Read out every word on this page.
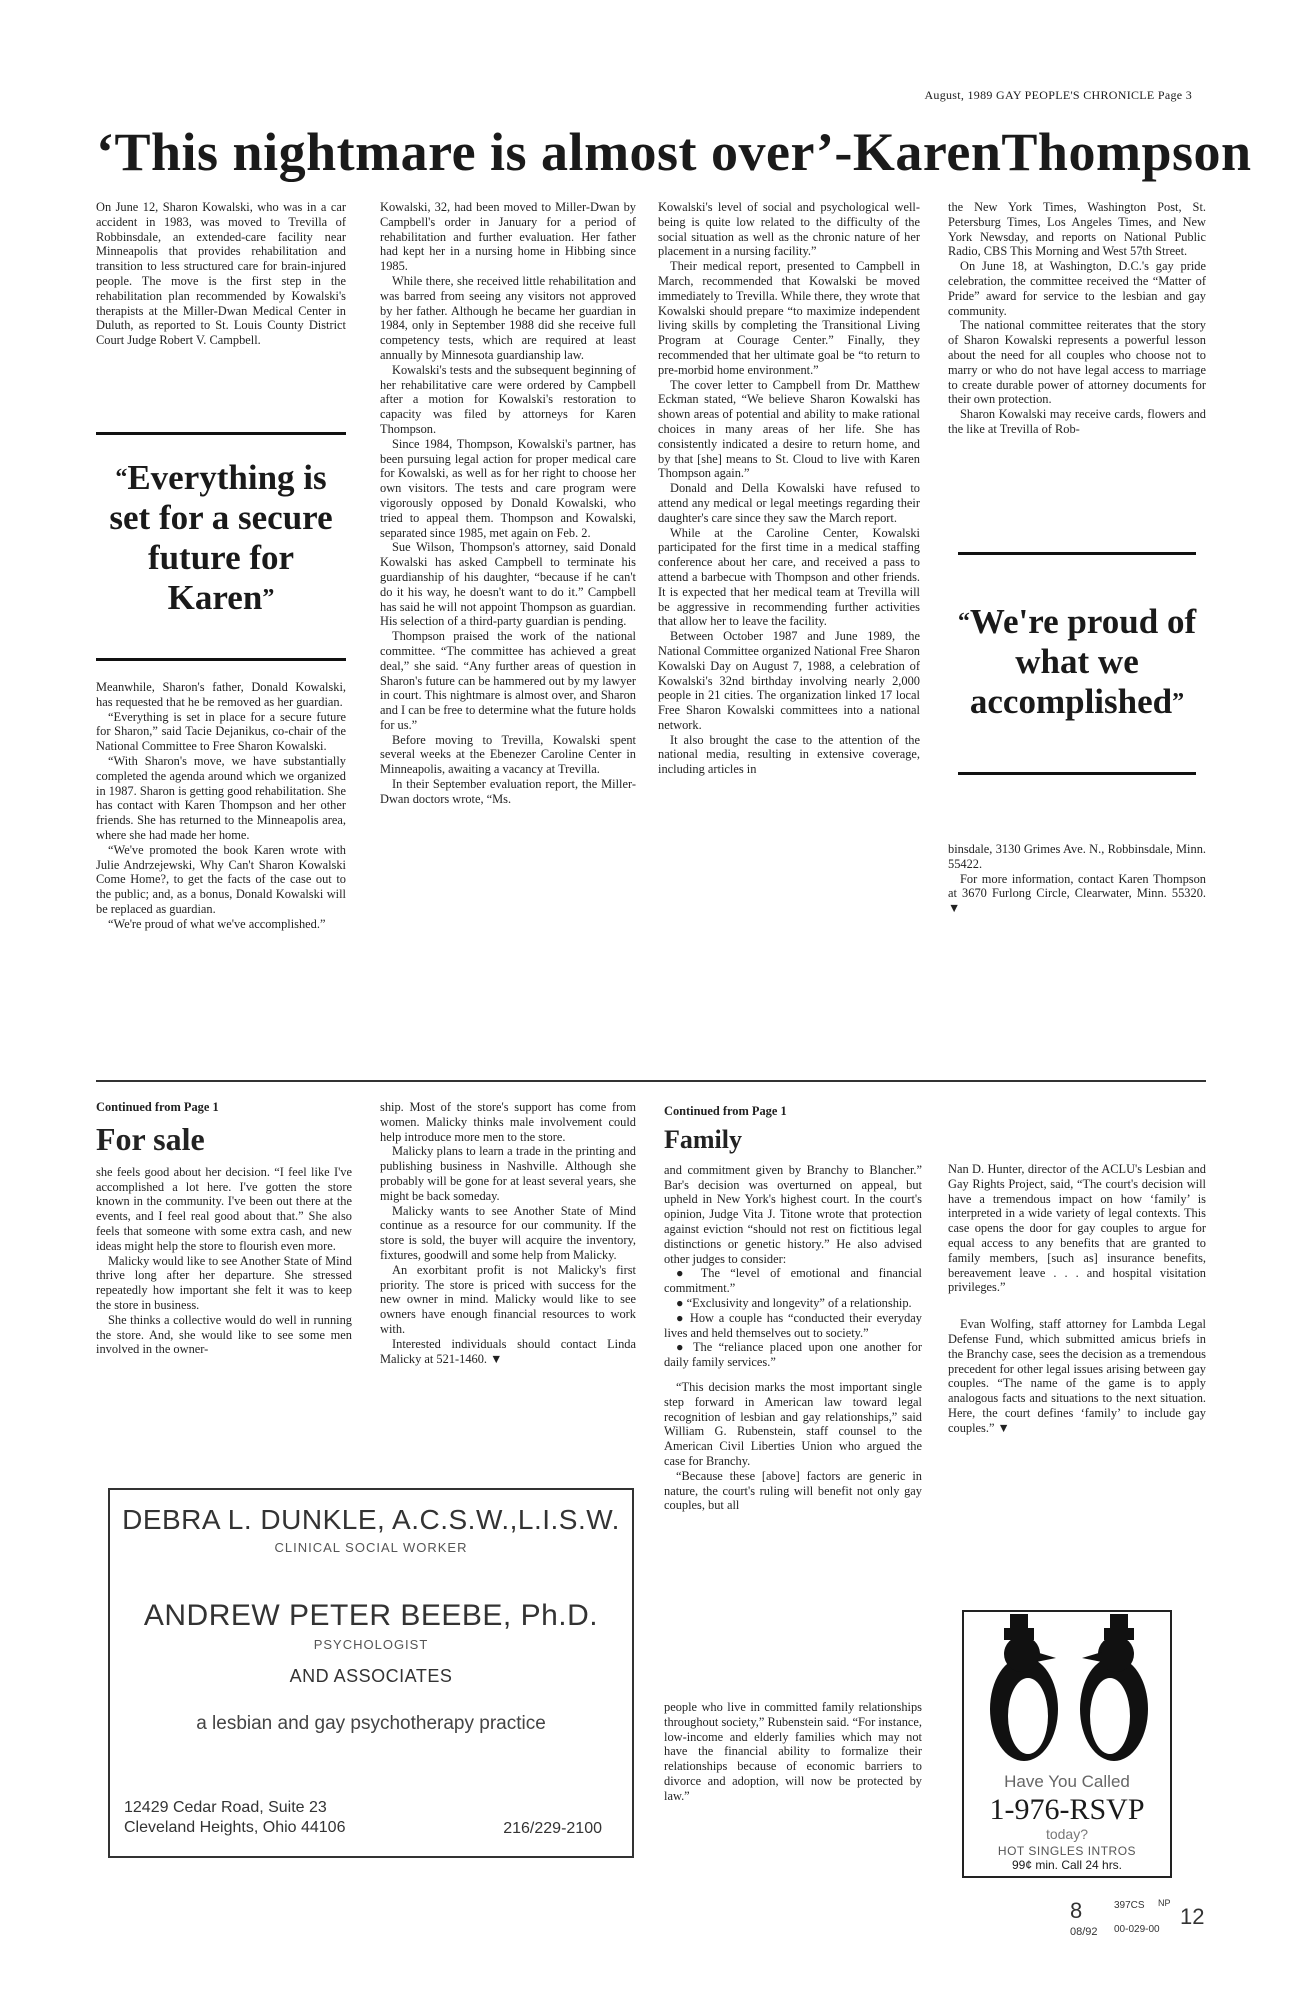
August, 1989 GAY PEOPLE'S CHRONICLE Page 3
‘This nightmare is almost over’-KarenThompson

On June 12, Sharon Kowalski, who was in a car accident in 1983, was moved to Trevilla of Robbinsdale, an extended-care facility near Minneapolis that provides rehabilitation and transition to less structured care for brain-injured people. The move is the first step in the rehabilitation plan recommended by Kowalski's therapists at the Miller-Dwan Medical Center in Duluth, as reported to St. Louis County District Court Judge Robert V. Campbell.

“Everything is set for a secure future for Karen”

Meanwhile, Sharon's father, Donald Kowalski, has requested that he be removed as her guardian.

“Everything is set in place for a secure future for Sharon,” said Tacie Dejanikus, co-chair of the National Committee to Free Sharon Kowalski.

“With Sharon's move, we have substantially completed the agenda around which we organized in 1987. Sharon is getting good rehabilitation. She has contact with Karen Thompson and her other friends. She has returned to the Minneapolis area, where she had made her home.

“We've promoted the book Karen wrote with Julie Andrzejewski, Why Can't Sharon Kowalski Come Home?, to get the facts of the case out to the public; and, as a bonus, Donald Kowalski will be replaced as guardian.

“We're proud of what we've accomplished.”

Kowalski, 32, had been moved to Miller-Dwan by Campbell's order in January for a period of rehabilitation and further evaluation. Her father had kept her in a nursing home in Hibbing since 1985.

While there, she received little rehabilitation and was barred from seeing any visitors not approved by her father. Although he became her guardian in 1984, only in September 1988 did she receive full competency tests, which are required at least annually by Minnesota guardianship law.

Kowalski's tests and the subsequent beginning of her rehabilitative care were ordered by Campbell after a motion for Kowalski's restoration to capacity was filed by attorneys for Karen Thompson.

Since 1984, Thompson, Kowalski's partner, has been pursuing legal action for proper medical care for Kowalski, as well as for her right to choose her own visitors. The tests and care program were vigorously opposed by Donald Kowalski, who tried to appeal them. Thompson and Kowalski, separated since 1985, met again on Feb. 2.

Sue Wilson, Thompson's attorney, said Donald Kowalski has asked Campbell to terminate his guardianship of his daughter, “because if he can't do it his way, he doesn't want to do it.” Campbell has said he will not appoint Thompson as guardian. His selection of a third-party guardian is pending.

Thompson praised the work of the national committee. “The committee has achieved a great deal,” she said. “Any further areas of question in Sharon's future can be hammered out by my lawyer in court. This nightmare is almost over, and Sharon and I can be free to determine what the future holds for us.”

Before moving to Trevilla, Kowalski spent several weeks at the Ebenezer Caroline Center in Minneapolis, awaiting a vacancy at Trevilla.

In their September evaluation report, the Miller-Dwan doctors wrote, “Ms.

Kowalski's level of social and psychological well-being is quite low related to the difficulty of the social situation as well as the chronic nature of her placement in a nursing facility.”

Their medical report, presented to Campbell in March, recommended that Kowalski be moved immediately to Trevilla. While there, they wrote that Kowalski should prepare “to maximize independent living skills by completing the Transitional Living Program at Courage Center.” Finally, they recommended that her ultimate goal be “to return to pre-morbid home environment.”

The cover letter to Campbell from Dr. Matthew Eckman stated, “We believe Sharon Kowalski has shown areas of potential and ability to make rational choices in many areas of her life. She has consistently indicated a desire to return home, and by that [she] means to St. Cloud to live with Karen Thompson again.”

Donald and Della Kowalski have refused to attend any medical or legal meetings regarding their daughter's care since they saw the March report.

While at the Caroline Center, Kowalski participated for the first time in a medical staffing conference about her care, and received a pass to attend a barbecue with Thompson and other friends. It is expected that her medical team at Trevilla will be aggressive in recommending further activities that allow her to leave the facility.

Between October 1987 and June 1989, the National Committee organized National Free Sharon Kowalski Day on August 7, 1988, a celebration of Kowalski's 32nd birthday involving nearly 2,000 people in 21 cities. The organization linked 17 local Free Sharon Kowalski committees into a national network.

It also brought the case to the attention of the national media, resulting in extensive coverage, including articles in

the New York Times, Washington Post, St. Petersburg Times, Los Angeles Times, and New York Newsday, and reports on National Public Radio, CBS This Morning and West 57th Street.

On June 18, at Washington, D.C.'s gay pride celebration, the committee received the “Matter of Pride” award for service to the lesbian and gay community.

The national committee reiterates that the story of Sharon Kowalski represents a powerful lesson about the need for all couples who choose not to marry or who do not have legal access to marriage to create durable power of attorney documents for their own protection.

Sharon Kowalski may receive cards, flowers and the like at Trevilla of Rob-

“We're proud of what we accomplished”

binsdale, 3130 Grimes Ave. N., Robbinsdale, Minn. 55422.

For more information, contact Karen Thompson at 3670 Furlong Circle, Clearwater, Minn. 55320. ▼

Continued from Page 1
For sale

she feels good about her decision. “I feel like I've accomplished a lot here. I've gotten the store known in the community. I've been out there at the events, and I feel real good about that.” She also feels that someone with some extra cash, and new ideas might help the store to flourish even more.

Malicky would like to see Another State of Mind thrive long after her departure. She stressed repeatedly how important she felt it was to keep the store in business.

She thinks a collective would do well in running the store. And, she would like to see some men involved in the owner-

ship. Most of the store's support has come from women. Malicky thinks male involvement could help introduce more men to the store.

Malicky plans to learn a trade in the printing and publishing business in Nashville. Although she probably will be gone for at least several years, she might be back someday.

Malicky wants to see Another State of Mind continue as a resource for our community. If the store is sold, the buyer will acquire the inventory, fixtures, goodwill and some help from Malicky.

An exorbitant profit is not Malicky's first priority. The store is priced with success for the new owner in mind. Malicky would like to see owners have enough financial resources to work with.

Interested individuals should contact Linda Malicky at 521-1460. ▼

Continued from Page 1
Family

and commitment given by Branchy to Blancher.” Bar's decision was overturned on appeal, but upheld in New York's highest court. In the court's opinion, Judge Vita J. Titone wrote that protection against eviction “should not rest on fictitious legal distinctions or genetic history.” He also advised other judges to consider:

● The “level of emotional and financial commitment.”

● “Exclusivity and longevity” of a relationship.

● How a couple has “conducted their everyday lives and held themselves out to society.”

● The “reliance placed upon one another for daily family services.”

“This decision marks the most important single step forward in American law toward legal recognition of lesbian and gay relationships,” said William G. Rubenstein, staff counsel to the American Civil Liberties Union who argued the case for Branchy.

“Because these [above] factors are generic in nature, the court's ruling will benefit not only gay couples, but all

people who live in committed family relationships throughout society,” Rubenstein said. “For instance, low-income and elderly families which may not have the financial ability to formalize their relationships because of economic barriers to divorce and adoption, will now be protected by law.”

Nan D. Hunter, director of the ACLU's Lesbian and Gay Rights Project, said, “The court's decision will have a tremendous impact on how ‘family’ is interpreted in a wide variety of legal contexts. This case opens the door for gay couples to argue for equal access to any benefits that are granted to family members, [such as] insurance benefits, bereavement leave . . . and hospital visitation privileges.”

Evan Wolfing, staff attorney for Lambda Legal Defense Fund, which submitted amicus briefs in the Branchy case, sees the decision as a tremendous precedent for other legal issues arising between gay couples. “The name of the game is to apply analogous facts and situations to the next situation. Here, the court defines ‘family’ to include gay couples.” ▼

DEBRA L. DUNKLE, A.C.S.W.,L.I.S.W.
CLINICAL SOCIAL WORKER
ANDREW PETER BEEBE, Ph.D.
PSYCHOLOGIST
AND ASSOCIATES
a lesbian and gay psychotherapy practice
12429 Cedar Road, Suite 23
Cleveland Heights, Ohio 44106	216/229-2100
Have You Called
1-976-RSVP
today?
HOT SINGLES INTROS
99¢ min. Call 24 hrs.
8	397CS NP
08/92 00-029-00
12
